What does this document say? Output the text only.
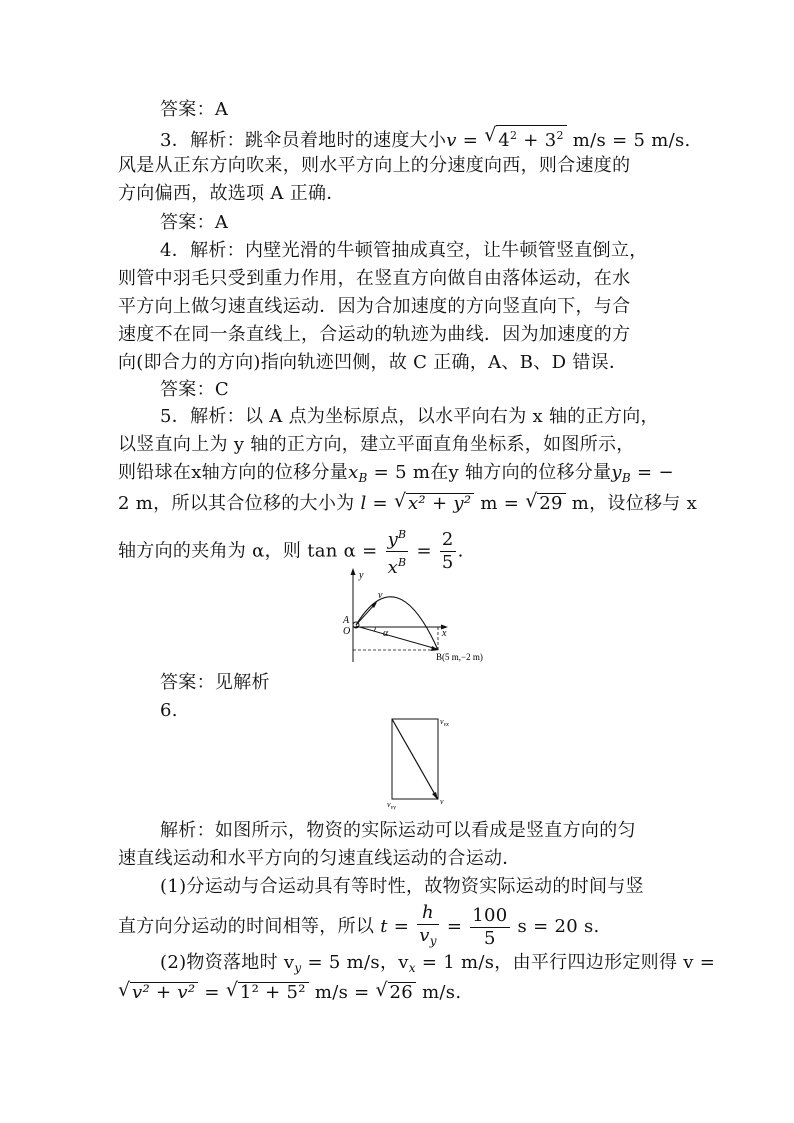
答案：A
3．解析：跳伞员着地时的速度大小v = √ $4^2 + 3^2$ m/s = 5 m/s.
风是从正东方向吹来，则水平方向上的分速度向西，则合速度的
方向偏西，故选项 A 正确．
答案：A
4．解析：内壁光滑的牛顿管抽成真空，让牛顿管竖直倒立，
则管中羽毛只受到重力作用，在竖直方向做自由落体运动，在水
平方向上做匀速直线运动．因为合加速度的方向竖直向下，与合
速度不在同一条直线上，合运动的轨迹为曲线．因为加速度的方
向(即合力的方向)指向轨迹凹侧，故 C 正确，A、B、D 错误．
答案：C
5．解析：以 A 点为坐标原点，以水平向右为 x 轴的正方向，
以竖直向上为 y 轴的正方向，建立平面直角坐标系，如图所示，
则铅球在x轴方向的位移分量$x_B = 5$ m在y 轴方向的位移分量$y_B$ = −
2 m，所以其合位移的大小为 l = √ x² + y² m = √ 29 m，设位移与 x
轴方向的夹角为 α，则 $\tan \alpha = \frac{y^B}{x^B} = \frac{2}{5}$ .
y
x
v
A
O	α
B(5 m,−2 m)
答案：见解析
6.
$v_{vx}$
$v_{vy}$
v
解析：如图所示，物资的实际运动可以看成是竖直方向的匀
速直线运动和水平方向的匀速直线运动的合运动．
(1)分运动与合运动具有等时性，故物资实际运动的时间与竖
直方向分运动的时间相等，所以 $t = \frac{h}{v_y} = \frac{100}{5}$ s = 20 s.
(2)物资落地时 $v_y = 5$ m/s，$v_x = 1$ m/s，由平行四边形定则得 v =
√ v² + v² = √ 1² + 5² m/s = √ 26 m/s.
